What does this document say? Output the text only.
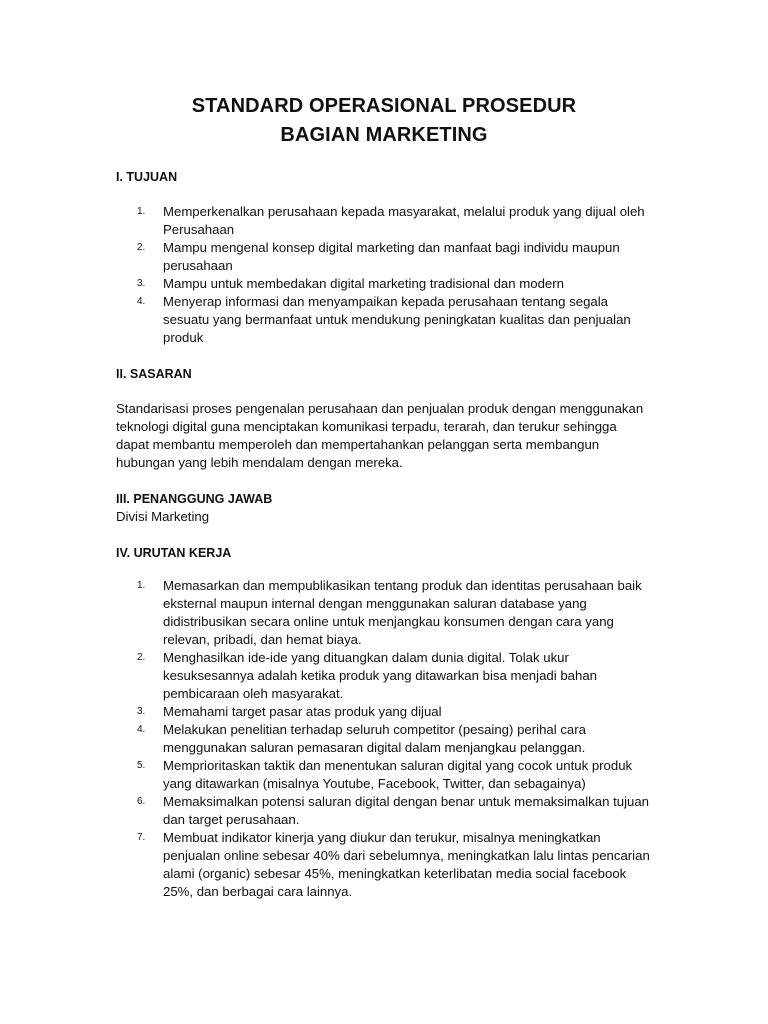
STANDARD OPERASIONAL PROSEDUR
BAGIAN MARKETING
I. TUJUAN
1. Memperkenalkan perusahaan kepada masyarakat, melalui produk yang dijual oleh Perusahaan
2. Mampu mengenal konsep digital marketing dan manfaat bagi individu maupun perusahaan
3. Mampu untuk membedakan digital marketing tradisional dan modern
4. Menyerap informasi dan menyampaikan kepada perusahaan tentang segala sesuatu yang bermanfaat untuk mendukung peningkatan kualitas dan penjualan produk
II. SASARAN

Standarisasi proses pengenalan perusahaan dan penjualan produk dengan menggunakan teknologi digital guna menciptakan komunikasi terpadu, terarah, dan terukur sehingga dapat membantu memperoleh dan mempertahankan pelanggan serta membangun hubungan yang lebih mendalam dengan mereka.

III. PENANGGUNG JAWAB

Divisi Marketing

IV. URUTAN KERJA
1. Memasarkan dan mempublikasikan tentang produk dan identitas perusahaan baik eksternal maupun internal dengan menggunakan saluran database yang didistribusikan secara online untuk menjangkau konsumen dengan cara yang relevan, pribadi, dan hemat biaya.
2. Menghasilkan ide-ide yang dituangkan dalam dunia digital. Tolak ukur kesuksesannya adalah ketika produk yang ditawarkan bisa menjadi bahan pembicaraan oleh masyarakat.
3. Memahami target pasar atas produk yang dijual
4. Melakukan penelitian terhadap seluruh competitor (pesaing) perihal cara menggunakan saluran pemasaran digital dalam menjangkau pelanggan.
5. Memprioritaskan taktik dan menentukan saluran digital yang cocok untuk produk yang ditawarkan (misalnya Youtube, Facebook, Twitter, dan sebagainya)
6. Memaksimalkan potensi saluran digital dengan benar untuk memaksimalkan tujuan dan target perusahaan.
7. Membuat indikator kinerja yang diukur dan terukur, misalnya meningkatkan penjualan online sebesar 40% dari sebelumnya, meningkatkan lalu lintas pencarian alami (organic) sebesar 45%, meningkatkan keterlibatan media social facebook 25%, dan berbagai cara lainnya.
